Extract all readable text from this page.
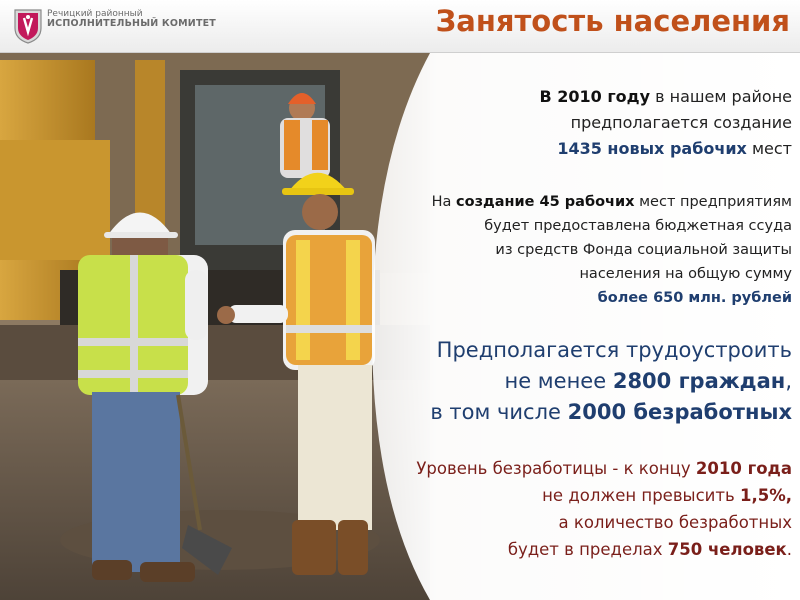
Речицкий районный
ИСПОЛНИТЕЛЬНЫЙ КОМИТЕТ	Занятость населения
В 2010 году в нашем районе
предполагается создание
1435 новых рабочих мест
На создание 45 рабочих мест предприятиям
будет предоставлена бюджетная ссуда
из средств Фонда социальной защиты
населения на общую сумму
более 650 млн. рублей
Предполагается трудоустроить
не менее 2800 граждан,
в том числе 2000 безработных
Уровень безработицы - к концу 2010 года
не должен превысить 1,5%,
а количество безработных
будет в пределах 750 человек.
